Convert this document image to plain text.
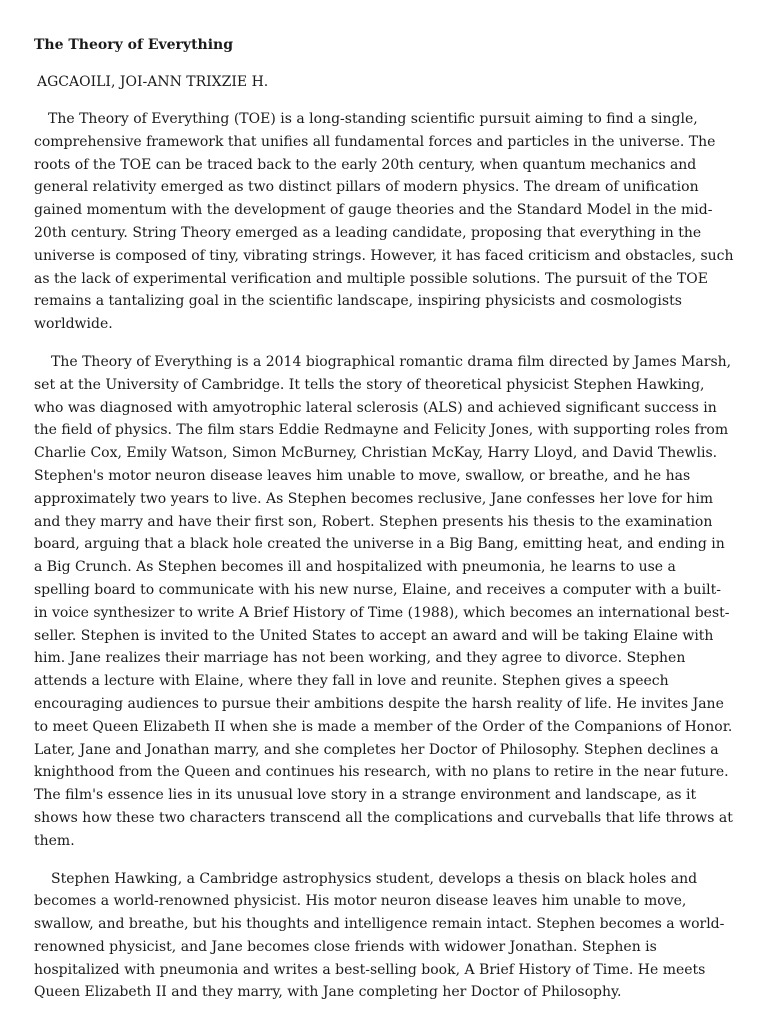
The Theory of Everything
AGCAOILI, JOI-ANN TRIXZIE H.

The Theory of Everything (TOE) is a long-standing scientific pursuit aiming to find a single, comprehensive framework that unifies all fundamental forces and particles in the universe. The roots of the TOE can be traced back to the early 20th century, when quantum mechanics and general relativity emerged as two distinct pillars of modern physics. The dream of unification gained momentum with the development of gauge theories and the Standard Model in the mid-20th century. String Theory emerged as a leading candidate, proposing that everything in the universe is composed of tiny, vibrating strings. However, it has faced criticism and obstacles, such as the lack of experimental verification and multiple possible solutions. The pursuit of the TOE remains a tantalizing goal in the scientific landscape, inspiring physicists and cosmologists worldwide.

The Theory of Everything is a 2014 biographical romantic drama film directed by James Marsh, set at the University of Cambridge. It tells the story of theoretical physicist Stephen Hawking, who was diagnosed with amyotrophic lateral sclerosis (ALS) and achieved significant success in the field of physics. The film stars Eddie Redmayne and Felicity Jones, with supporting roles from Charlie Cox, Emily Watson, Simon McBurney, Christian McKay, Harry Lloyd, and David Thewlis. Stephen's motor neuron disease leaves him unable to move, swallow, or breathe, and he has approximately two years to live. As Stephen becomes reclusive, Jane confesses her love for him and they marry and have their first son, Robert. Stephen presents his thesis to the examination board, arguing that a black hole created the universe in a Big Bang, emitting heat, and ending in a Big Crunch. As Stephen becomes ill and hospitalized with pneumonia, he learns to use a spelling board to communicate with his new nurse, Elaine, and receives a computer with a built-in voice synthesizer to write A Brief History of Time (1988), which becomes an international best-seller. Stephen is invited to the United States to accept an award and will be taking Elaine with him. Jane realizes their marriage has not been working, and they agree to divorce. Stephen attends a lecture with Elaine, where they fall in love and reunite. Stephen gives a speech encouraging audiences to pursue their ambitions despite the harsh reality of life. He invites Jane to meet Queen Elizabeth II when she is made a member of the Order of the Companions of Honor. Later, Jane and Jonathan marry, and she completes her Doctor of Philosophy. Stephen declines a knighthood from the Queen and continues his research, with no plans to retire in the near future. The film's essence lies in its unusual love story in a strange environment and landscape, as it shows how these two characters transcend all the complications and curveballs that life throws at them.

Stephen Hawking, a Cambridge astrophysics student, develops a thesis on black holes and becomes a world-renowned physicist. His motor neuron disease leaves him unable to move, swallow, and breathe, but his thoughts and intelligence remain intact. Stephen becomes a world-renowned physicist, and Jane becomes close friends with widower Jonathan. Stephen is hospitalized with pneumonia and writes a best-selling book, A Brief History of Time. He meets Queen Elizabeth II and they marry, with Jane completing her Doctor of Philosophy.
